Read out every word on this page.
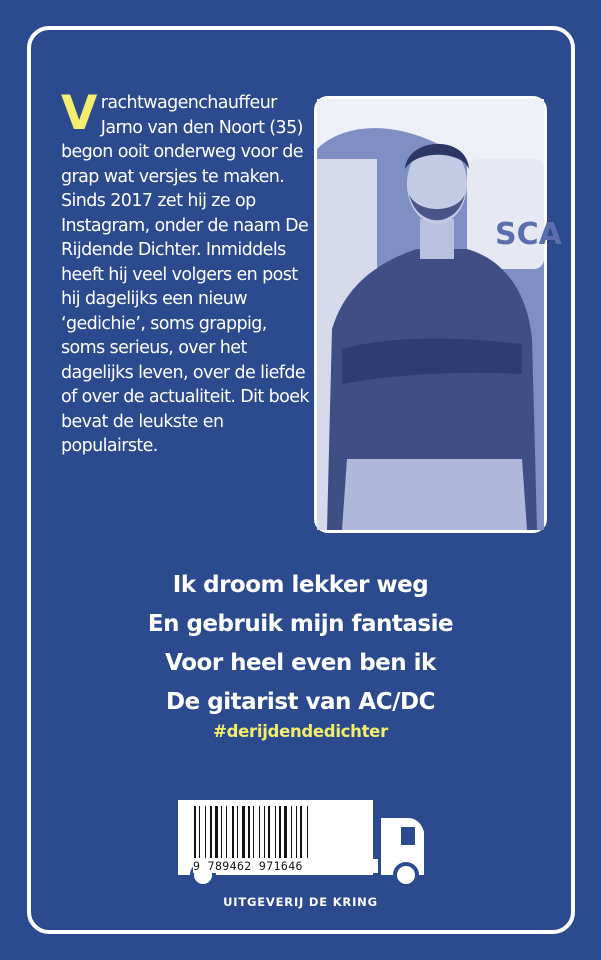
Vrachtwagenchauffeur Jarno van den Noort (35) begon ooit onderweg voor de grap wat versjes te maken. Sinds 2017 zet hij ze op Instagram, onder de naam De Rijdende Dichter. Inmiddels heeft hij veel volgers en post hij dagelijks een nieuw ‘gedichie’, soms grappig, soms serieus, over het dagelijks leven, over de liefde of over de actualiteit. Dit boek bevat de leukste en populairste.
SCA
Ik droom lekker weg
En gebruik mijn fantasie
Voor heel even ben ik
De gitarist van AC/DC
#derijdendedichter
9 789462 971646
UITGEVERIJ DE KRING
